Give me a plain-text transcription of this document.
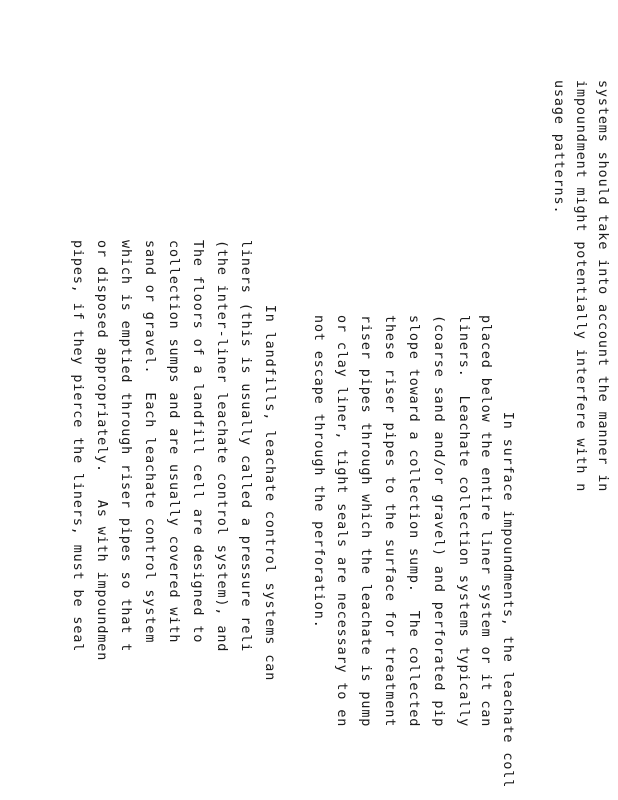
systems should take into account the manner in
impoundment might potentially interfere with n
usage patterns.
In surface impoundments, the leachate coll
placed below the entire liner system or it can
liners.  Leachate collection systems typically
(coarse sand and/or gravel) and perforated pip
slope toward a collection sump.  The collected
these riser pipes to the surface for treatment
riser pipes through which the leachate is pump
or clay liner, tight seals are necessary to en
not escape through the perforation.
In landfills, leachate control systems can
liners (this is usually called a pressure reli
(the inter-liner leachate control system), and
The floors of a landfill cell are designed to
collection sumps and are usually covered with
sand or gravel.  Each leachate control system
which is emptied through riser pipes so that t
or disposed appropriately.   As with impoundmen
pipes, if they pierce the liners, must be seal
